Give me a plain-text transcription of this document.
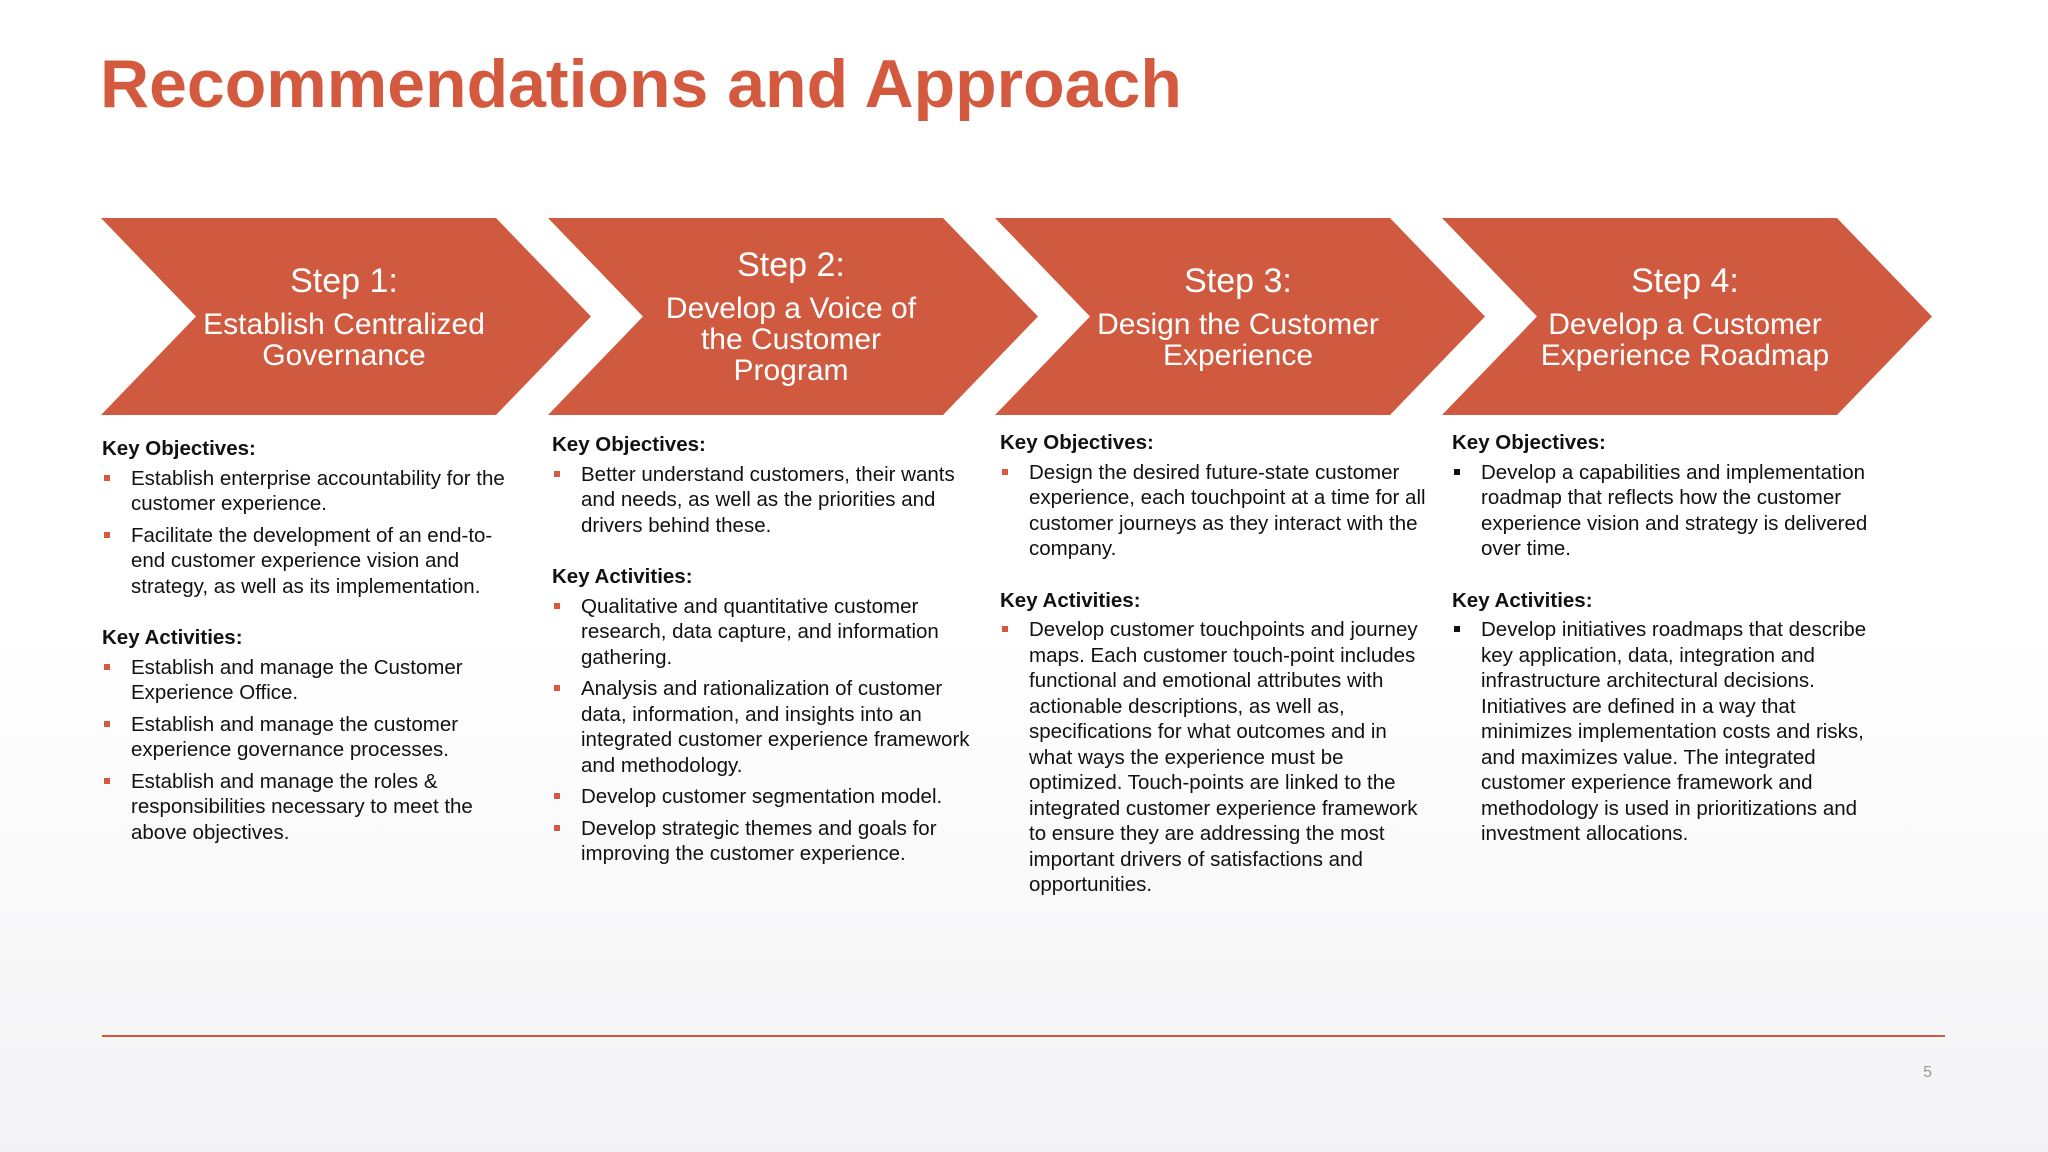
Recommendations and Approach
Step 1:
Establish Centralized Governance
Step 2:
Develop a Voice of the Customer Program
Step 3:
Design the Customer Experience
Step 4:
Develop a Customer Experience Roadmap

Key Objectives:

Establish enterprise accountability for the customer experience.
Facilitate the development of an end-to-end customer experience vision and strategy, as well as its implementation.

Key Activities:

Establish and manage the Customer Experience Office.
Establish and manage the customer experience governance processes.
Establish and manage the roles & responsibilities necessary to meet the above objectives.

Key Objectives:

Better understand customers, their wants and needs, as well as the priorities and drivers behind these.

Key Activities:

Qualitative and quantitative customer research, data capture, and information gathering.
Analysis and rationalization of customer data, information, and insights into an integrated customer experience framework and methodology.
Develop customer segmentation model.
Develop strategic themes and goals for improving the customer experience.

Key Objectives:

Design the desired future-state customer experience, each touchpoint at a time for all customer journeys as they interact with the company.

Key Activities:

Develop customer touchpoints and journey maps. Each customer touch-point includes functional and emotional attributes with actionable descriptions, as well as, specifications for what outcomes and in what ways the experience must be optimized. Touch-points are linked to the integrated customer experience framework to ensure they are addressing the most important drivers of satisfactions and opportunities.

Key Objectives:

Develop a capabilities and implementation roadmap that reflects how the customer experience vision and strategy is delivered over time.

Key Activities:

Develop initiatives roadmaps that describe key application, data, integration and infrastructure architectural decisions. Initiatives are defined in a way that minimizes implementation costs and risks, and maximizes value. The integrated customer experience framework and methodology is used in prioritizations and investment allocations.
5
